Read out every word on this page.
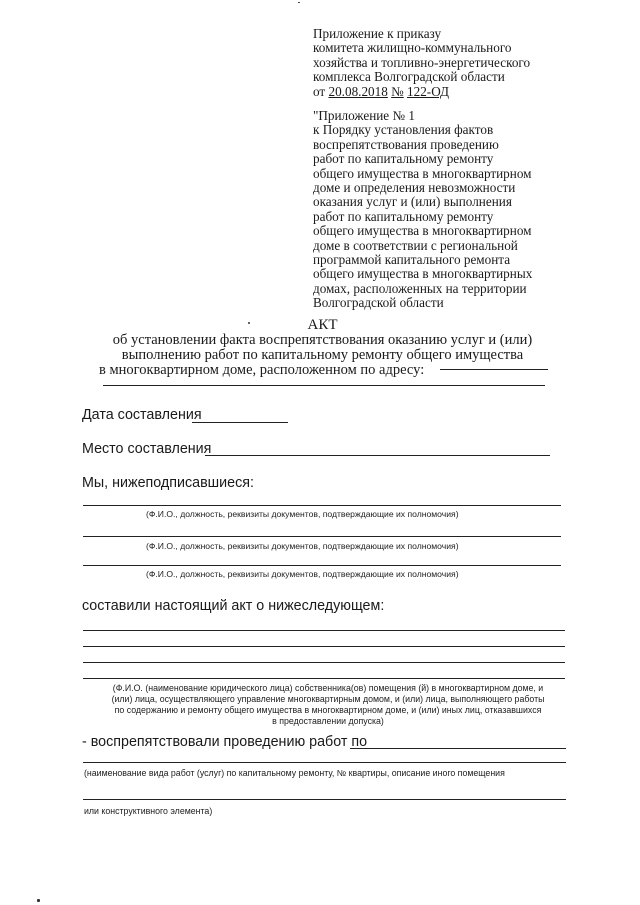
Приложение к приказу
комитета жилищно-коммунального
хозяйства и топливно-энергетического
комплекса Волгоградской области
от 20.08.2018 № 122-ОД
"Приложение № 1
к Порядку установления фактов
воспрепятствования проведению
работ по капитальному ремонту
общего имущества в многоквартирном
доме и определения невозможности
оказания услуг и (или) выполнения
работ по капитальному ремонту
общего имущества в многоквартирном
доме в соответствии с региональной
программой капитального ремонта
общего имущества в многоквартирных
домах, расположенных на территории
Волгоградской области
АКТ
об установлении факта воспрепятствования оказанию услуг и (или)
выполнению работ по капитальному ремонту общего имущества
в многоквартирном доме, расположенном по адресу:
Дата составления
Место составления
Мы, нижеподписавшиеся:
(Ф.И.О., должность, реквизиты документов, подтверждающие их полномочия)
(Ф.И.О., должность, реквизиты документов, подтверждающие их полномочия)
(Ф.И.О., должность, реквизиты документов, подтверждающие их полномочия)
составили настоящий акт о нижеследующем:
(Ф.И.О. (наименование юридического лица) собственника(ов) помещения (й) в многоквартирном доме, и
(или) лица, осуществляющего управление многоквартирным домом, и (или) лица, выполняющего работы
по содержанию и ремонту общего имущества в многоквартирном доме, и (или) иных лиц, отказавшихся
в предоставлении допуска)
- воспрепятствовали проведению работ по
(наименование вида работ (услуг) по капитальному ремонту, № квартиры, описание иного помещения
или конструктивного элемента)
